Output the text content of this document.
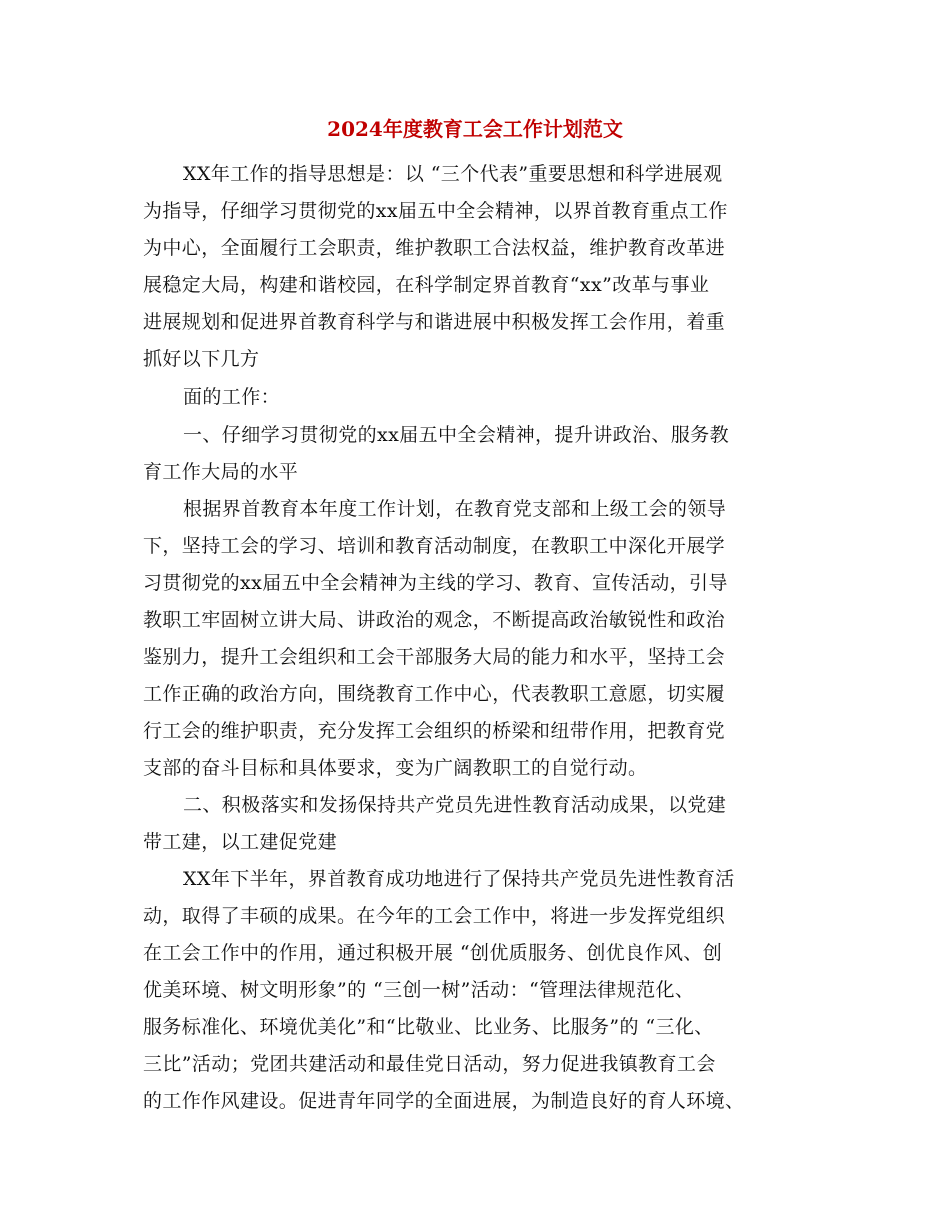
2024年度教育工会工作计划范文
XX年工作的指导思想是：以 “三个代表”重要思想和科学进展观
为指导，仔细学习贯彻党的xx届五中全会精神，以界首教育重点工作
为中心，全面履行工会职责，维护教职工合法权益，维护教育改革进
展稳定大局，构建和谐校园，在科学制定界首教育“xx”改革与事业
进展规划和促进界首教育科学与和谐进展中积极发挥工会作用，着重
抓好以下几方
面的工作：
一、仔细学习贯彻党的xx届五中全会精神，提升讲政治、服务教
育工作大局的水平
根据界首教育本年度工作计划，在教育党支部和上级工会的领导
下，坚持工会的学习、培训和教育活动制度，在教职工中深化开展学
习贯彻党的xx届五中全会精神为主线的学习、教育、宣传活动，引导
教职工牢固树立讲大局、讲政治的观念，不断提高政治敏锐性和政治
鉴别力，提升工会组织和工会干部服务大局的能力和水平，坚持工会
工作正确的政治方向，围绕教育工作中心，代表教职工意愿，切实履
行工会的维护职责，充分发挥工会组织的桥梁和纽带作用，把教育党
支部的奋斗目标和具体要求，变为广阔教职工的自觉行动。
二、积极落实和发扬保持共产党员先进性教育活动成果，以党建
带工建，以工建促党建
XX年下半年，界首教育成功地进行了保持共产党员先进性教育活
动，取得了丰硕的成果。在今年的工会工作中，将进一步发挥党组织
在工会工作中的作用，通过积极开展 “创优质服务、创优良作风、创
优美环境、树文明形象”的 “三创一树”活动：“管理法律规范化、
服务标准化、环境优美化”和“比敬业、比业务、比服务”的 “三化、
三比”活动；党团共建活动和最佳党日活动，努力促进我镇教育工会
的工作作风建设。促进青年同学的全面进展，为制造良好的育人环境、
